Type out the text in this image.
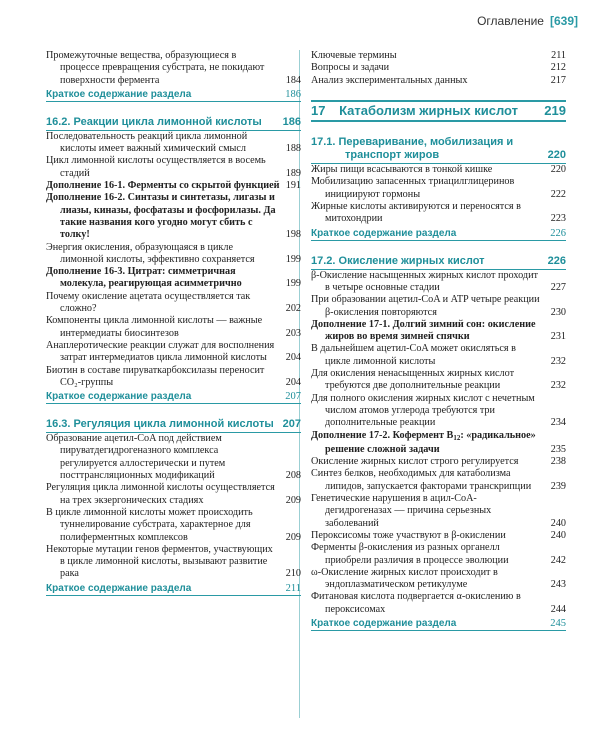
Оглавление [639]
Промежуточные вещества, образующиеся в процессе превращения субстрата, не покидают поверхности фермента	184
Краткое содержание раздела	186
16.2. Реакции цикла лимонной кислоты	186
Последовательность реакций цикла лимонной кислоты имеет важный химический смысл	188
Цикл лимонной кислоты осуществляется в восемь стадий	189
Дополнение 16-1. Ферменты со скрытой функцией 191
Дополнение 16-2. Синтазы и синтетазы, лигазы и лиазы, киназы, фосфатазы и фосфорилазы. Да такие названия кого угодно могут сбить с толку!	198
Энергия окисления, образующаяся в цикле лимонной кислоты, эффективно сохраняется	199
Дополнение 16-3. Цитрат: симметричная молекула, реагирующая асимметрично	199
Почему окисление ацетата осуществляется так сложно?	202
Компоненты цикла лимонной кислоты — важные интермедиаты биосинтезов	203
Анаплеротические реакции служат для восполнения затрат интермедиатов цикла лимонной кислоты	204
Биотин в составе пируваткарбоксилазы переносит CO₂-группы	204
Краткое содержание раздела	207
16.3. Регуляция цикла лимонной кислоты 207
Образование ацетил-CoA под действием пируватдегидрогеназного комплекса регулируется аллостерически и путем посттрансляционных модификаций	208
Регуляция цикла лимонной кислоты осуществляется на трех экзергонических стадиях	209
В цикле лимонной кислоты может происходить туннелирование субстрата, характерное для полиферментных комплексов	209
Некоторые мутации генов ферментов, участвующих в цикле лимонной кислоты, вызывают развитие рака	210
Краткое содержание раздела	211
Ключевые термины	211
Вопросы и задачи	212
Анализ экспериментальных данных	217
17 Катаболизм жирных кислот 219
17.1. Переваривание, мобилизация и транспорт жиров	220
Жиры пищи всасываются в тонкой кишке	220
Мобилизацию запасенных триацилглицеринов инициируют гормоны	222
Жирные кислоты активируются и переносятся в митохондрии	223
Краткое содержание раздела	226
17.2. Окисление жирных кислот	226
β-Окисление насыщенных жирных кислот проходит в четыре основные стадии	227
При образовании ацетил-CoA и ATP четыре реакции β-окисления повторяются	230
Дополнение 17-1. Долгий зимний сон: окисление жиров во время зимней спячки	231
В дальнейшем ацетил-CoA может окисляться в цикле лимонной кислоты	232
Для окисления ненасыщенных жирных кислот требуются две дополнительные реакции	232
Для полного окисления жирных кислот с нечетным числом атомов углерода требуются три дополнительные реакции	234
Дополнение 17-2. Кофермент B12: «радикальное» решение сложной задачи	235
Окисление жирных кислот строго регулируется	238
Синтез белков, необходимых для катаболизма липидов, запускается факторами транскрипции	239
Генетические нарушения в ацил-CoA-дегидрогеназах — причина серьезных заболеваний	240
Пероксисомы тоже участвуют в β-окислении	240
Ферменты β-окисления из разных органелл приобрели различия в процессе эволюции	242
ω-Окисление жирных кислот происходит в эндоплазматическом ретикулуме	243
Фитановая кислота подвергается α-окислению в пероксисомах	244
Краткое содержание раздела	245
